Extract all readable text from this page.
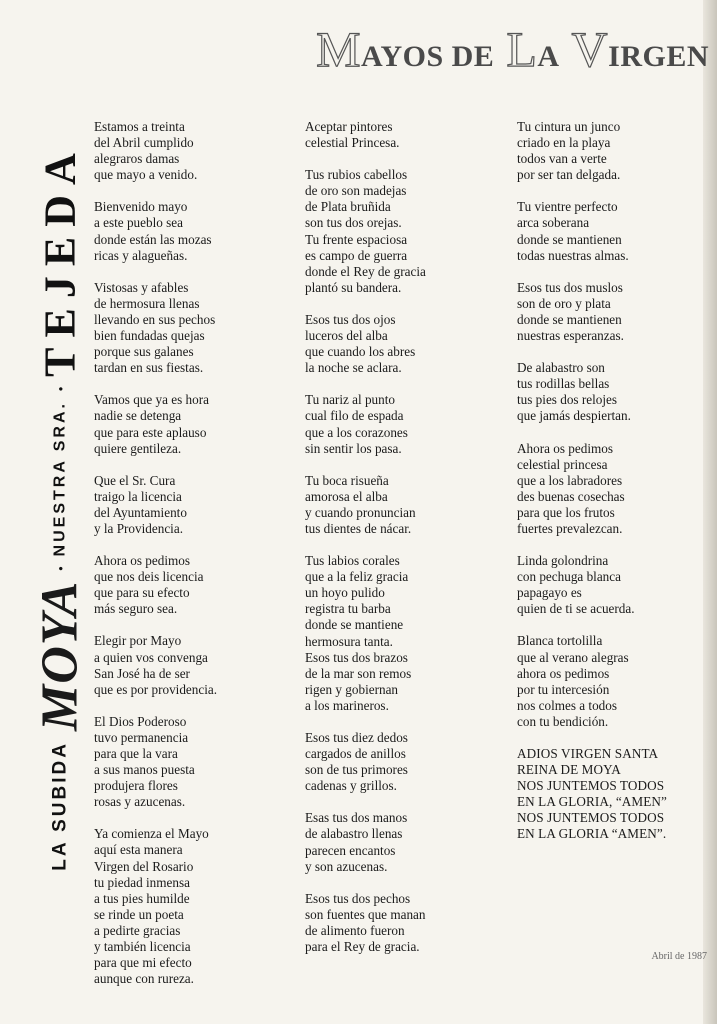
MAYOS DE LA VIRGEN
LA SUBIDA
MOYA
•
NUESTRA SRA.
•
TEJEDA
Estamos a treinta
del Abril cumplido
alegraros damas
que mayo a venido.
Bienvenido mayo
a este pueblo sea
donde están las mozas
ricas y alagueñas.
Vistosas y afables
de hermosura llenas
llevando en sus pechos
bien fundadas quejas
porque sus galanes
tardan en sus fiestas.
Vamos que ya es hora
nadie se detenga
que para este aplauso
quiere gentileza.
Que el Sr. Cura
traigo la licencia
del Ayuntamiento
y la Providencia.
Ahora os pedimos
que nos deis licencia
que para su efecto
más seguro sea.
Elegir por Mayo
a quien vos convenga
San José ha de ser
que es por providencia.
El Dios Poderoso
tuvo permanencia
para que la vara
a sus manos puesta
produjera flores
rosas y azucenas.
Ya comienza el Mayo
aquí esta manera
Virgen del Rosario
tu piedad inmensa
a tus pies humilde
se rinde un poeta
a pedirte gracias
y también licencia
para que mi efecto
aunque con rureza.
Aceptar pintores
celestial Princesa.
Tus rubios cabellos
de oro son madejas
de Plata bruñida
son tus dos orejas.
Tu frente espaciosa
es campo de guerra
donde el Rey de gracia
plantó su bandera.
Esos tus dos ojos
luceros del alba
que cuando los abres
la noche se aclara.
Tu nariz al punto
cual filo de espada
que a los corazones
sin sentir los pasa.
Tu boca risueña
amorosa el alba
y cuando pronuncian
tus dientes de nácar.
Tus labios corales
que a la feliz gracia
un hoyo pulido
registra tu barba
donde se mantiene
hermosura tanta.
Esos tus dos brazos
de la mar son remos
rigen y gobiernan
a los marineros.
Esos tus diez dedos
cargados de anillos
son de tus primores
cadenas y grillos.
Esas tus dos manos
de alabastro llenas
parecen encantos
y son azucenas.
Esos tus dos pechos
son fuentes que manan
de alimento fueron
para el Rey de gracia.
Tu cintura un junco
criado en la playa
todos van a verte
por ser tan delgada.
Tu vientre perfecto
arca soberana
donde se mantienen
todas nuestras almas.
Esos tus dos muslos
son de oro y plata
donde se mantienen
nuestras esperanzas.
De alabastro son
tus rodillas bellas
tus pies dos relojes
que jamás despiertan.
Ahora os pedimos
celestial princesa
que a los labradores
des buenas cosechas
para que los frutos
fuertes prevalezcan.
Linda golondrina
con pechuga blanca
papagayo es
quien de ti se acuerda.
Blanca tortolilla
que al verano alegras
ahora os pedimos
por tu intercesión
nos colmes a todos
con tu bendición.
ADIOS VIRGEN SANTA
REINA DE MOYA
NOS JUNTEMOS TODOS
EN LA GLORIA, “AMEN”
NOS JUNTEMOS TODOS
EN LA GLORIA “AMEN”.
Abril de 1987
